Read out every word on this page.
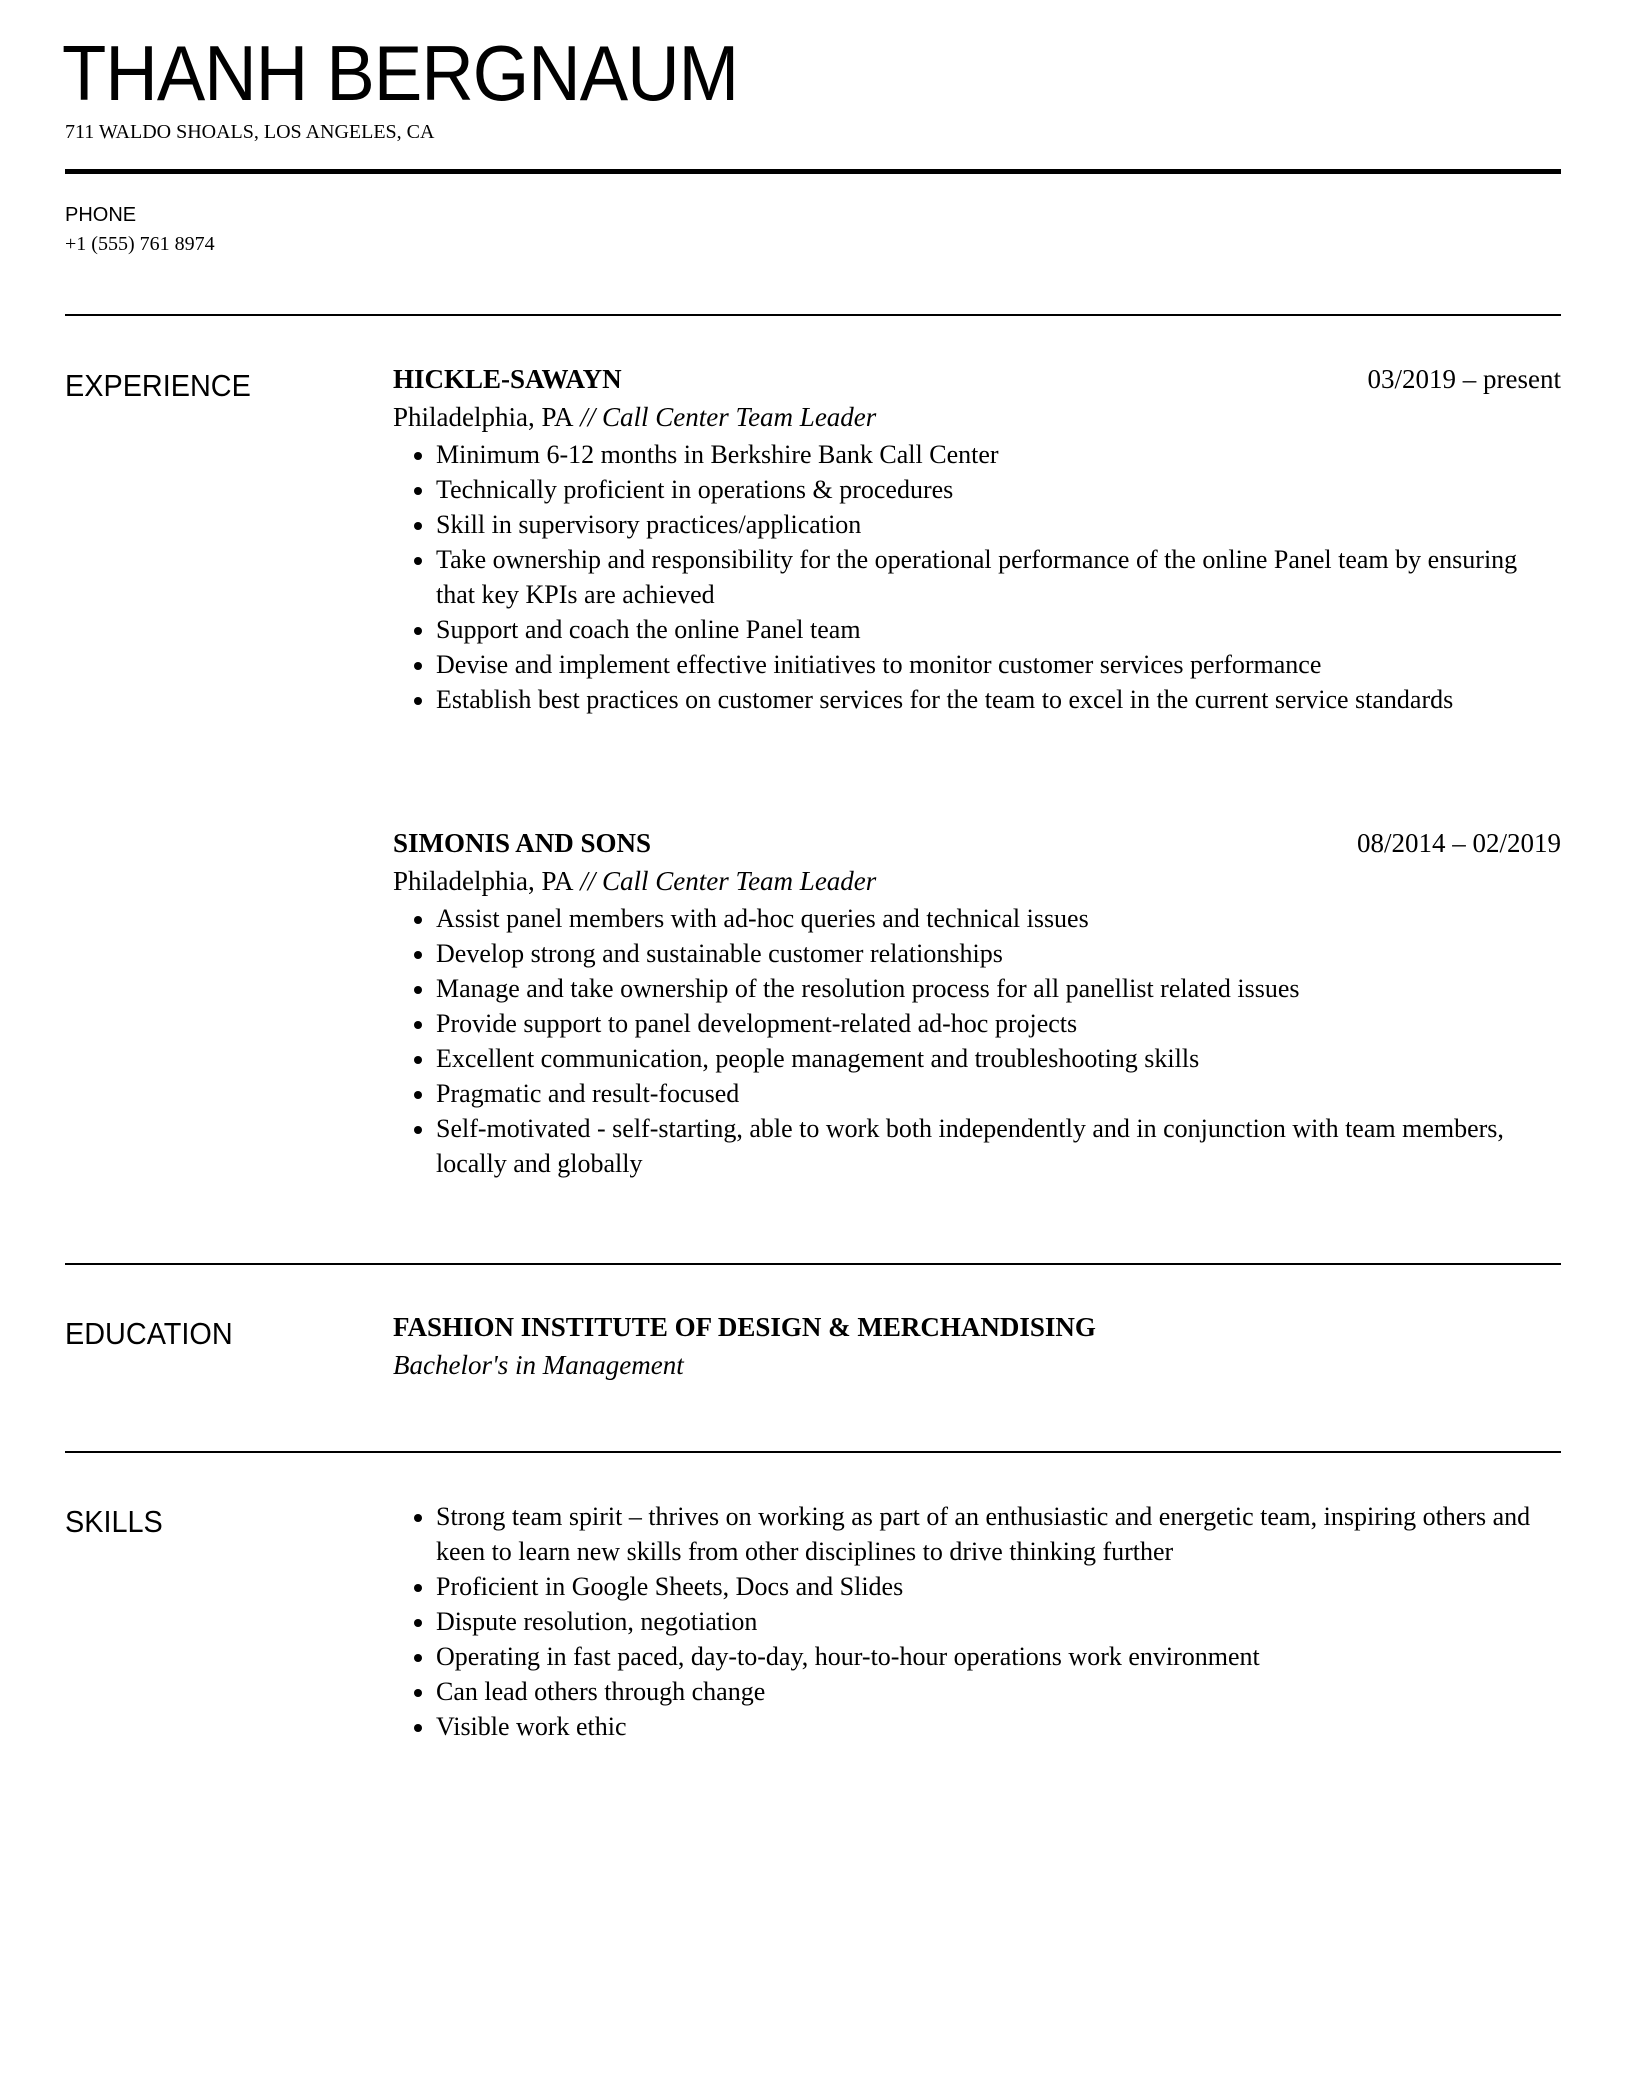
THANH BERGNAUM
711 WALDO SHOALS, LOS ANGELES, CA
PHONE
+1 (555) 761 8974
EXPERIENCE	HICKLE-SAWAYN	03/2019 – present
Philadelphia, PA // Call Center Team Leader
• Minimum 6-12 months in Berkshire Bank Call Center
• Technically proficient in operations & procedures
• Skill in supervisory practices/application
• Take ownership and responsibility for the operational performance of the online Panel team by ensuring that key KPIs are achieved
• Support and coach the online Panel team
• Devise and implement effective initiatives to monitor customer services performance
• Establish best practices on customer services for the team to excel in the current service standards
SIMONIS AND SONS	08/2014 – 02/2019
Philadelphia, PA // Call Center Team Leader
• Assist panel members with ad-hoc queries and technical issues
• Develop strong and sustainable customer relationships
• Manage and take ownership of the resolution process for all panellist related issues
• Provide support to panel development-related ad-hoc projects
• Excellent communication, people management and troubleshooting skills
• Pragmatic and result-focused
• Self-motivated - self-starting, able to work both independently and in conjunction with team members, locally and globally
EDUCATION	FASHION INSTITUTE OF DESIGN & MERCHANDISING
Bachelor's in Management
SKILLS	• Strong team spirit – thrives on working as part of an enthusiastic and energetic team, inspiring others and keen to learn new skills from other disciplines to drive thinking further
• Proficient in Google Sheets, Docs and Slides
• Dispute resolution, negotiation
• Operating in fast paced, day-to-day, hour-to-hour operations work environment
• Can lead others through change
• Visible work ethic
